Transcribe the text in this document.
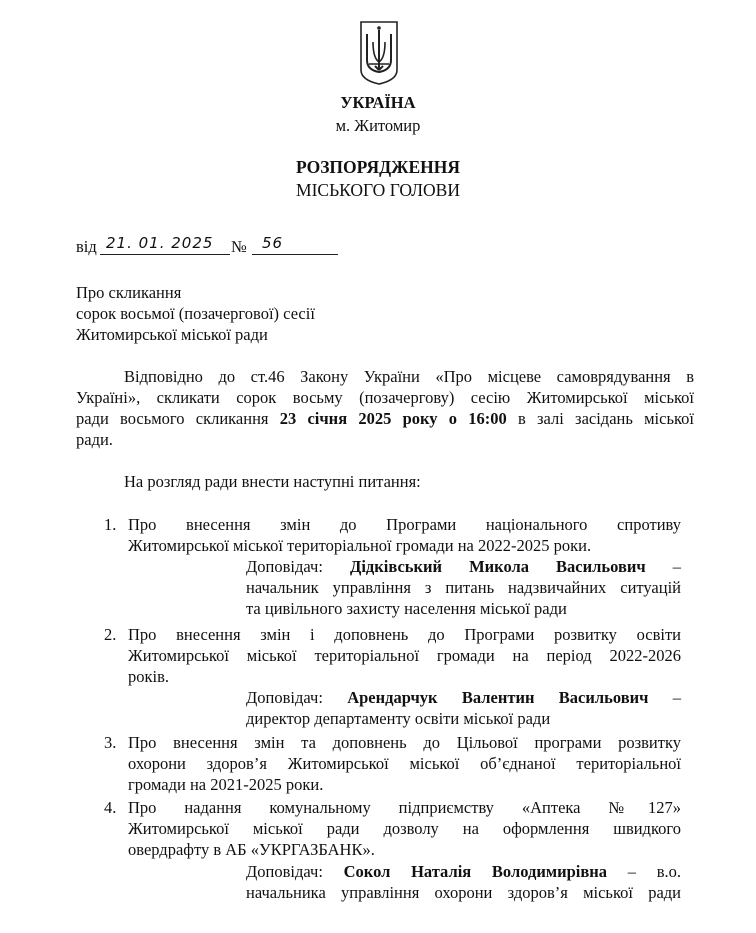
УКРАЇНА
м. Житомир
РОЗПОРЯДЖЕННЯ
МІСЬКОГО ГОЛОВИ
від 21. 01. 2025 № 56
Про скликання
сорок восьмої (позачергової) сесії
Житомирської міської ради
Відповідно до ст.46 Закону України «Про місцеве самоврядування в
Україні», скликати сорок восьму (позачергову) сесію Житомирської міської
ради восьмого скликання 23 січня 2025 року о 16:00 в залі засідань міської
ради.
На розгляд ради внести наступні питання:
1. Про внесення змін до Програми національного спротиву
Житомирської міської територіальної громади на 2022-2025 роки.
Доповідач: Дідківський Микола Васильович –
начальник управління з питань надзвичайних ситуацій
та цивільного захисту населення міської ради
2. Про внесення змін і доповнень до Програми розвитку освіти
Житомирської міської територіальної громади на період 2022-2026
років.
Доповідач: Арендарчук Валентин Васильович –
директор департаменту освіти міської ради
3. Про внесення змін та доповнень до Цільової програми розвитку
охорони здоров’я Житомирської міської об’єднаної територіальної
громади на 2021-2025 роки.
4. Про надання комунальному підприємству «Аптека №127»
Житомирської міської ради дозволу на оформлення швидкого
овердрафту в АБ «УКРГАЗБАНК».
Доповідач: Сокол Наталія Володимирівна – в.о.
начальника управління охорони здоров’я міської ради
